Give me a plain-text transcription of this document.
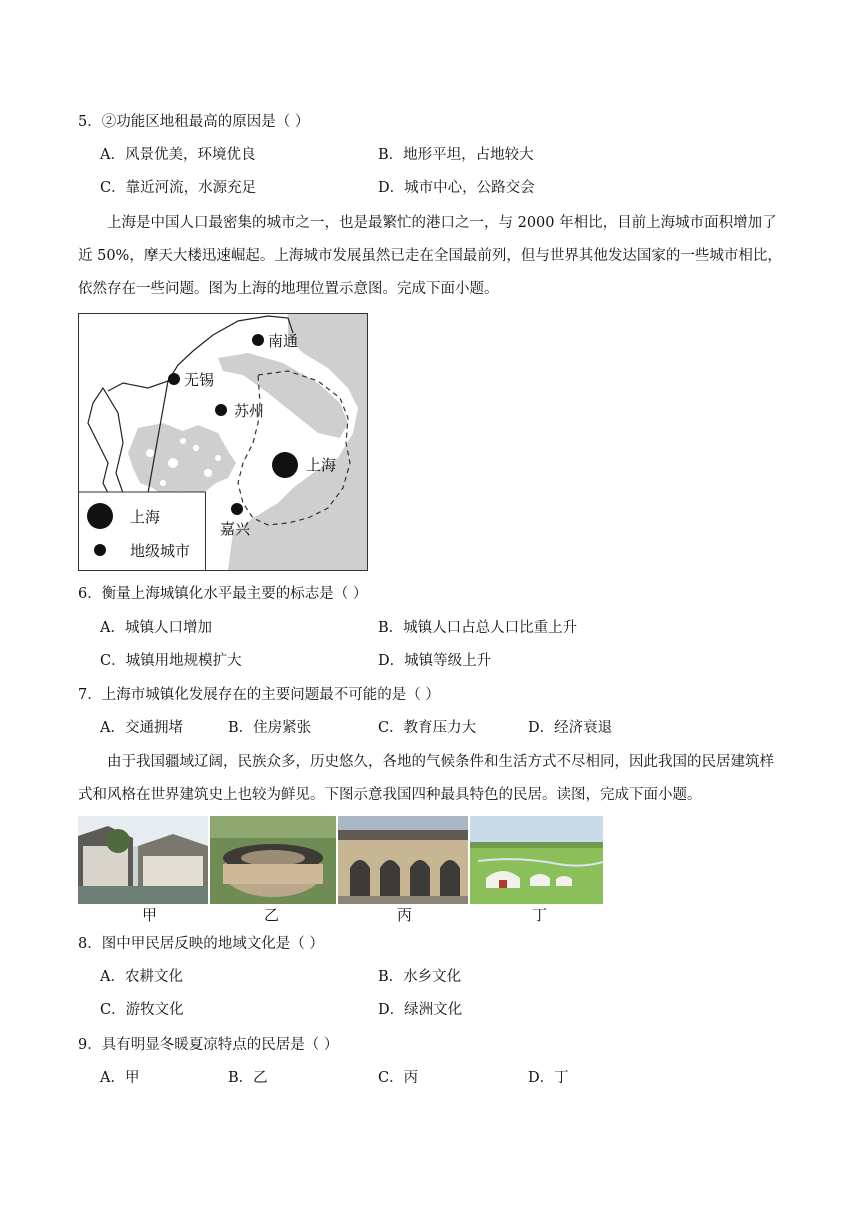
5．②功能区地租最高的原因是（ ）
A．风景优美，环境优良	B．地形平坦，占地较大
C．靠近河流，水源充足	D．城市中心，公路交会
上海是中国人口最密集的城市之一，也是最繁忙的港口之一，与 2000 年相比，目前上海城市面积增加了近 50%，摩天大楼迅速崛起。上海城市发展虽然已走在全国最前列，但与世界其他发达国家的一些城市相比，依然存在一些问题。图为上海的地理位置示意图。完成下面小题。
南通
无锡
苏州
上海
嘉兴
上海
地级城市
6．衡量上海城镇化水平最主要的标志是（ ）
A．城镇人口增加	B．城镇人口占总人口比重上升
C．城镇用地规模扩大	D．城镇等级上升
7．上海市城镇化发展存在的主要问题最不可能的是（ ）
A．交通拥堵	B．住房紧张	C．教育压力大	D．经济衰退
由于我国疆域辽阔，民族众多，历史悠久，各地的气候条件和生活方式不尽相同，因此我国的民居建筑样式和风格在世界建筑史上也较为鲜见。下图示意我国四种最具特色的民居。读图，完成下面小题。
甲	乙	丙	丁
8．图中甲民居反映的地域文化是（ ）
A．农耕文化	B．水乡文化
C．游牧文化	D．绿洲文化
9．具有明显冬暖夏凉特点的民居是（ ）
A．甲	B．乙	C．丙	D．丁
